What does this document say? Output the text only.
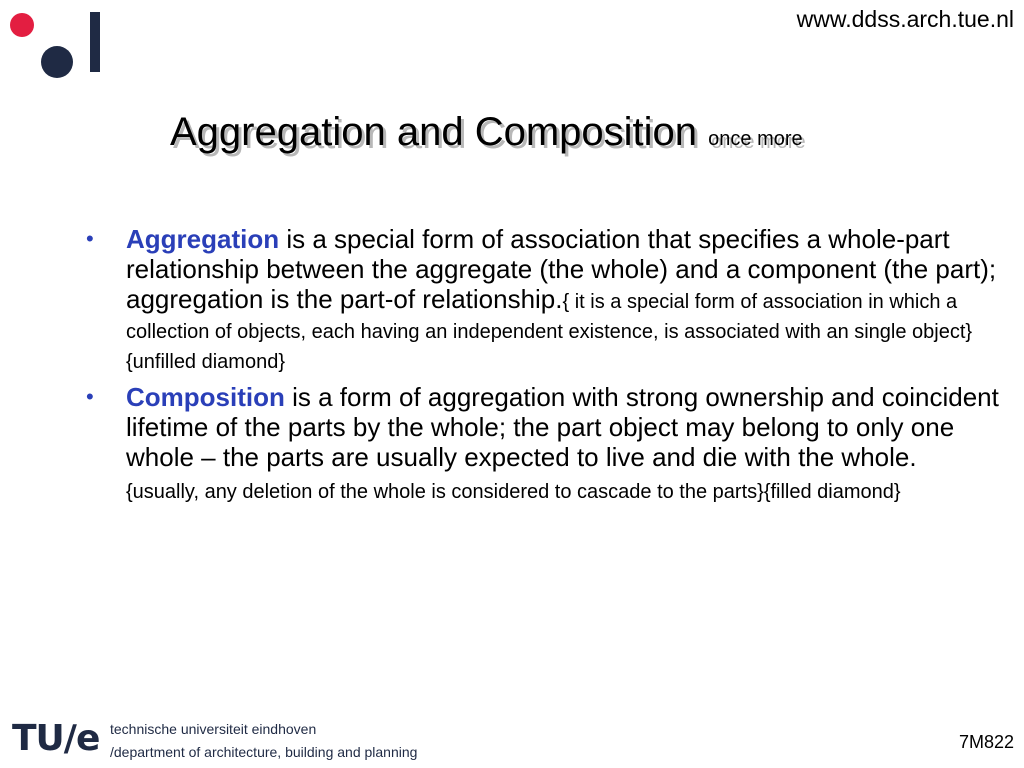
www.ddss.arch.tue.nl
Aggregation and Composition once more
• Aggregation is a special form of association that specifies a whole-part relationship between the aggregate (the whole) and a component (the part); aggregation is the part-of relationship.{ it is a special form of association in which a collection of objects, each having an independent existence, is associated with an single object} {unfilled diamond}
• Composition is a form of aggregation with strong ownership and coincident lifetime of the parts by the whole; the part object may belong to only one whole – the parts are usually expected to live and die with the whole.
{usually, any deletion of the whole is considered to cascade to the parts}{filled diamond}
TU/e technische universiteit eindhoven
/department of architecture, building and planning	7M822
